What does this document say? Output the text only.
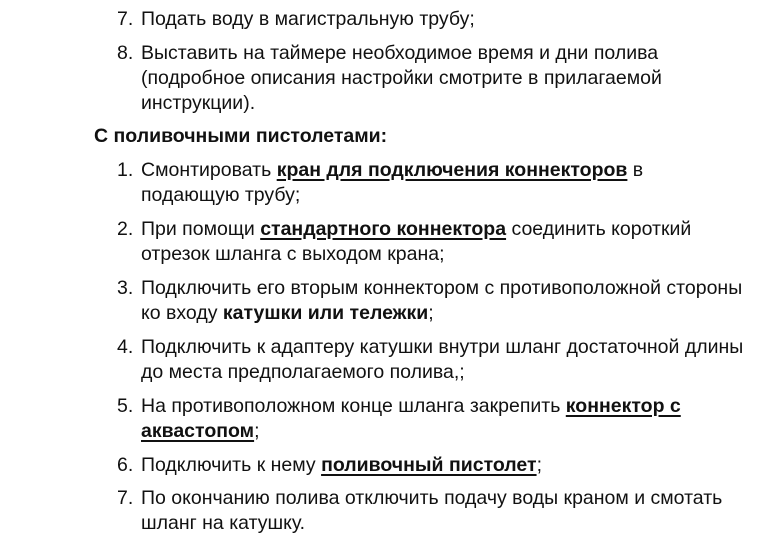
7. Подать воду в магистральную трубу;
8. Выставить на таймере необходимое время и дни полива (подробное описания настройки смотрите в прилагаемой инструкции).
С поливочными пистолетами:
1. Смонтировать кран для подключения коннекторов в подающую трубу;
2. При помощи стандартного коннектора соединить короткий отрезок шланга с выходом крана;
3. Подключить его вторым коннектором с противоположной стороны ко входу катушки или тележки;
4. Подключить к адаптеру катушки внутри шланг достаточной длины до места предполагаемого полива,;
5. На противоположном конце шланга закрепить коннектор с аквастопом;
6. Подключить к нему поливочный пистолет;
7. По окончанию полива отключить подачу воды краном и смотать шланг на катушку.
